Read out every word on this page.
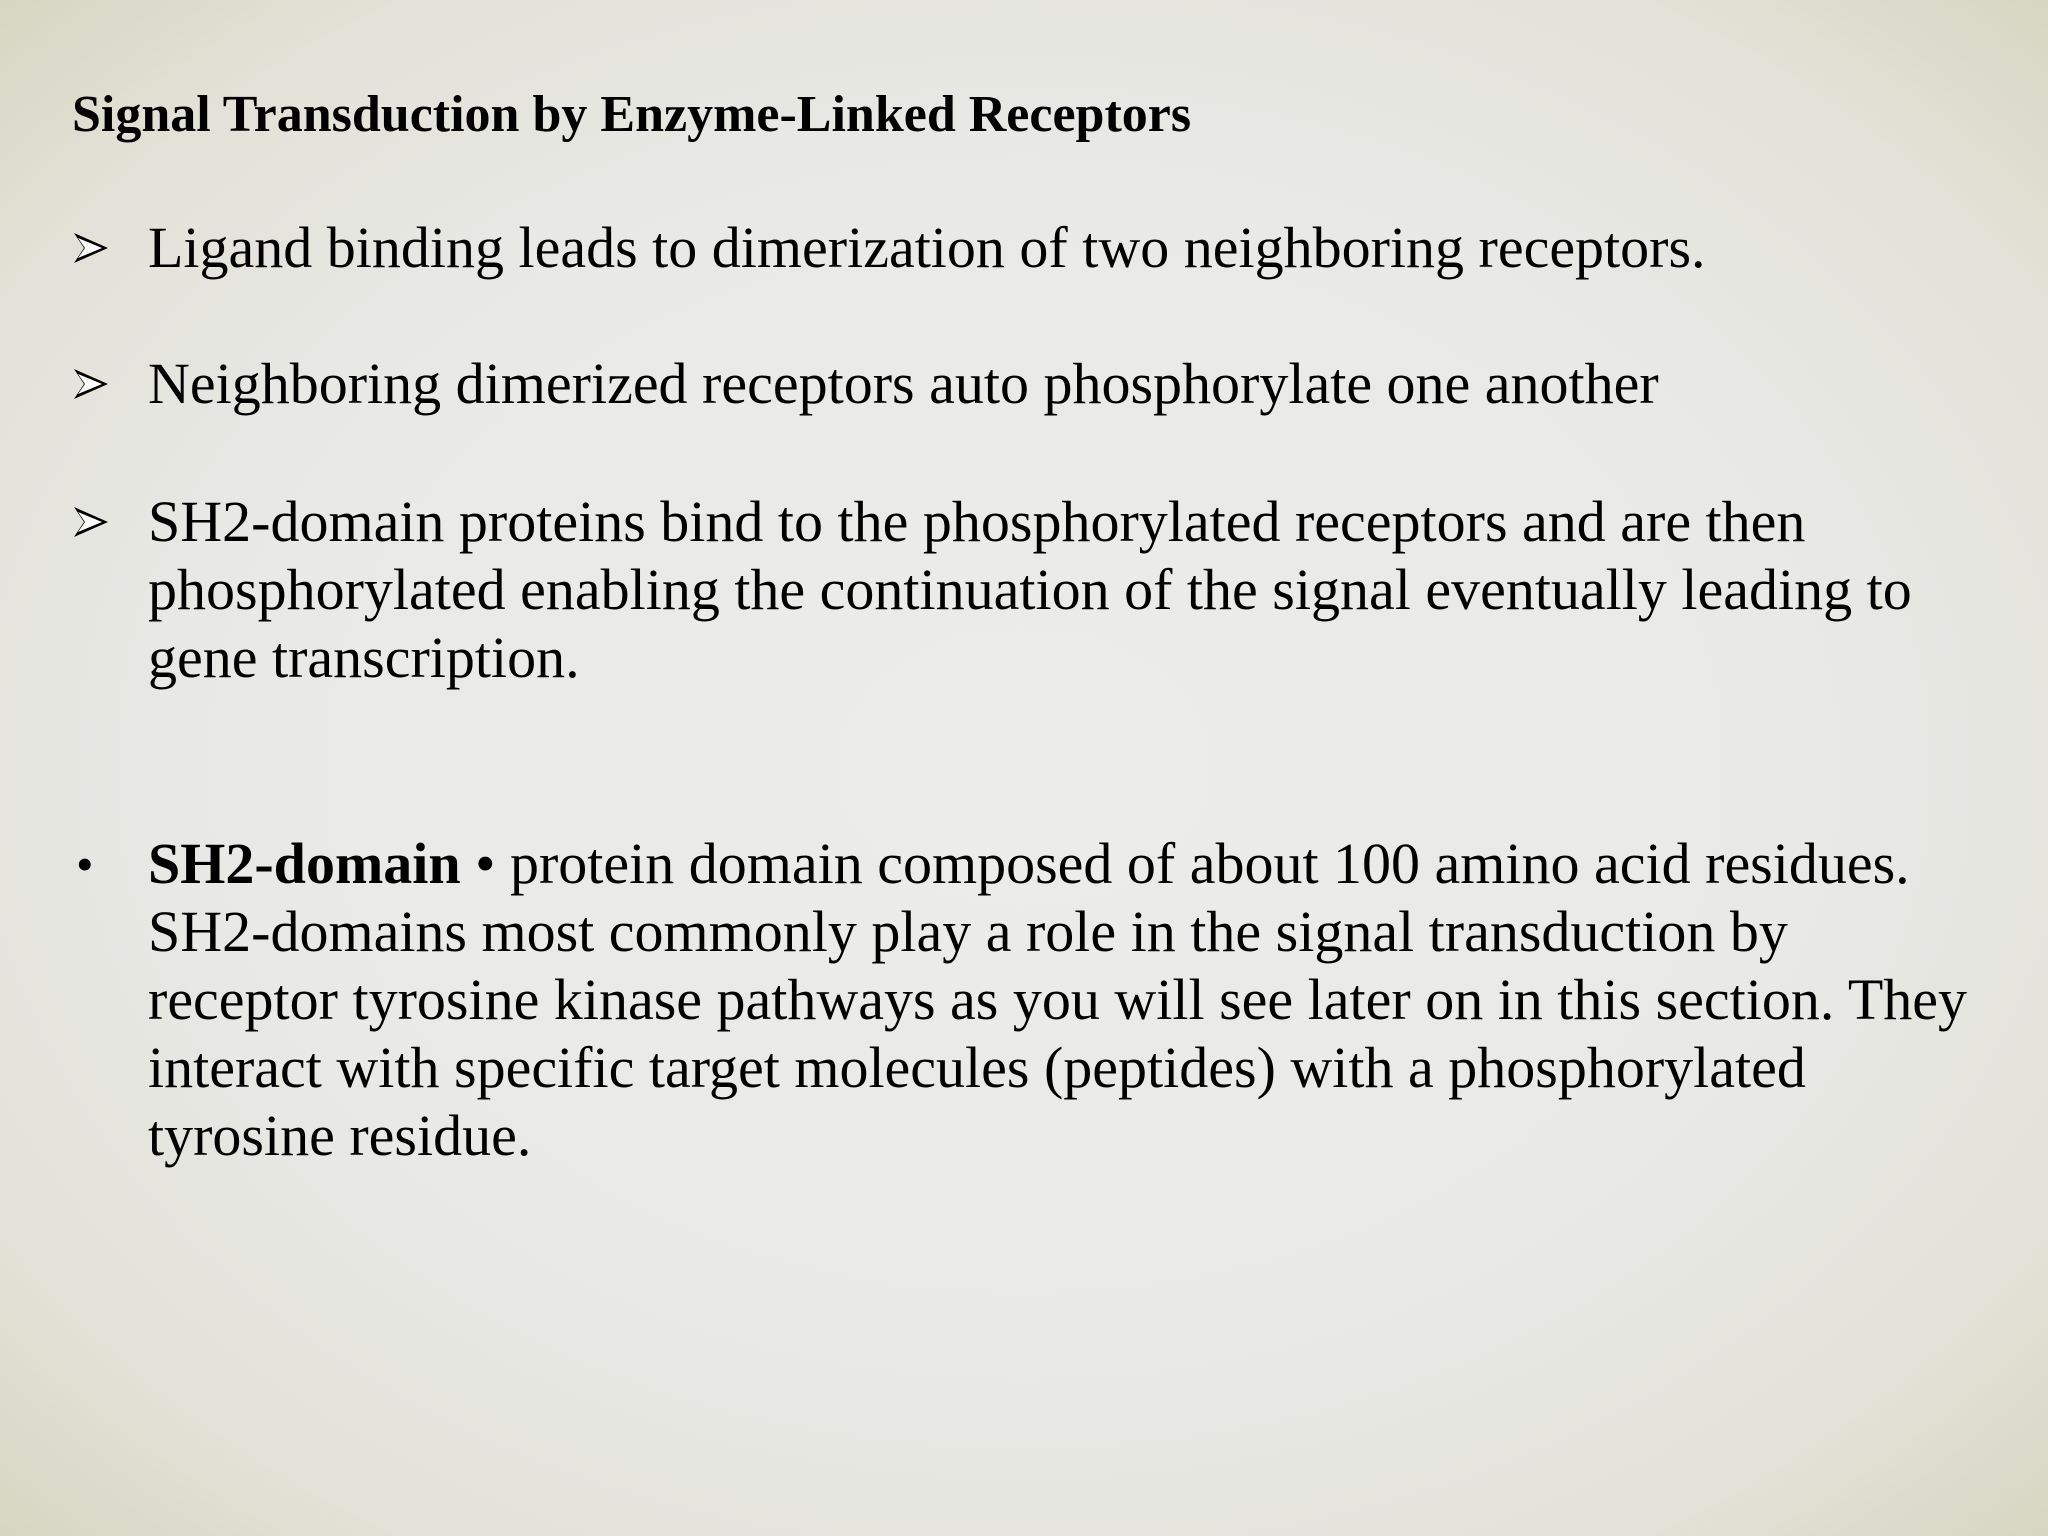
Signal Transduction by Enzyme-Linked Receptors
Ligand binding leads to dimerization of two neighboring receptors.
Neighboring dimerized receptors auto phosphorylate one another
SH2-domain proteins bind to the phosphorylated receptors and are then phosphorylated enabling the continuation of the signal eventually leading to gene transcription.
• SH2-domain • protein domain composed of about 100 amino acid residues. SH2-domains most commonly play a role in the signal transduction by receptor tyrosine kinase pathways as you will see later on in this section. They interact with specific target molecules (peptides) with a phosphorylated tyrosine residue.
